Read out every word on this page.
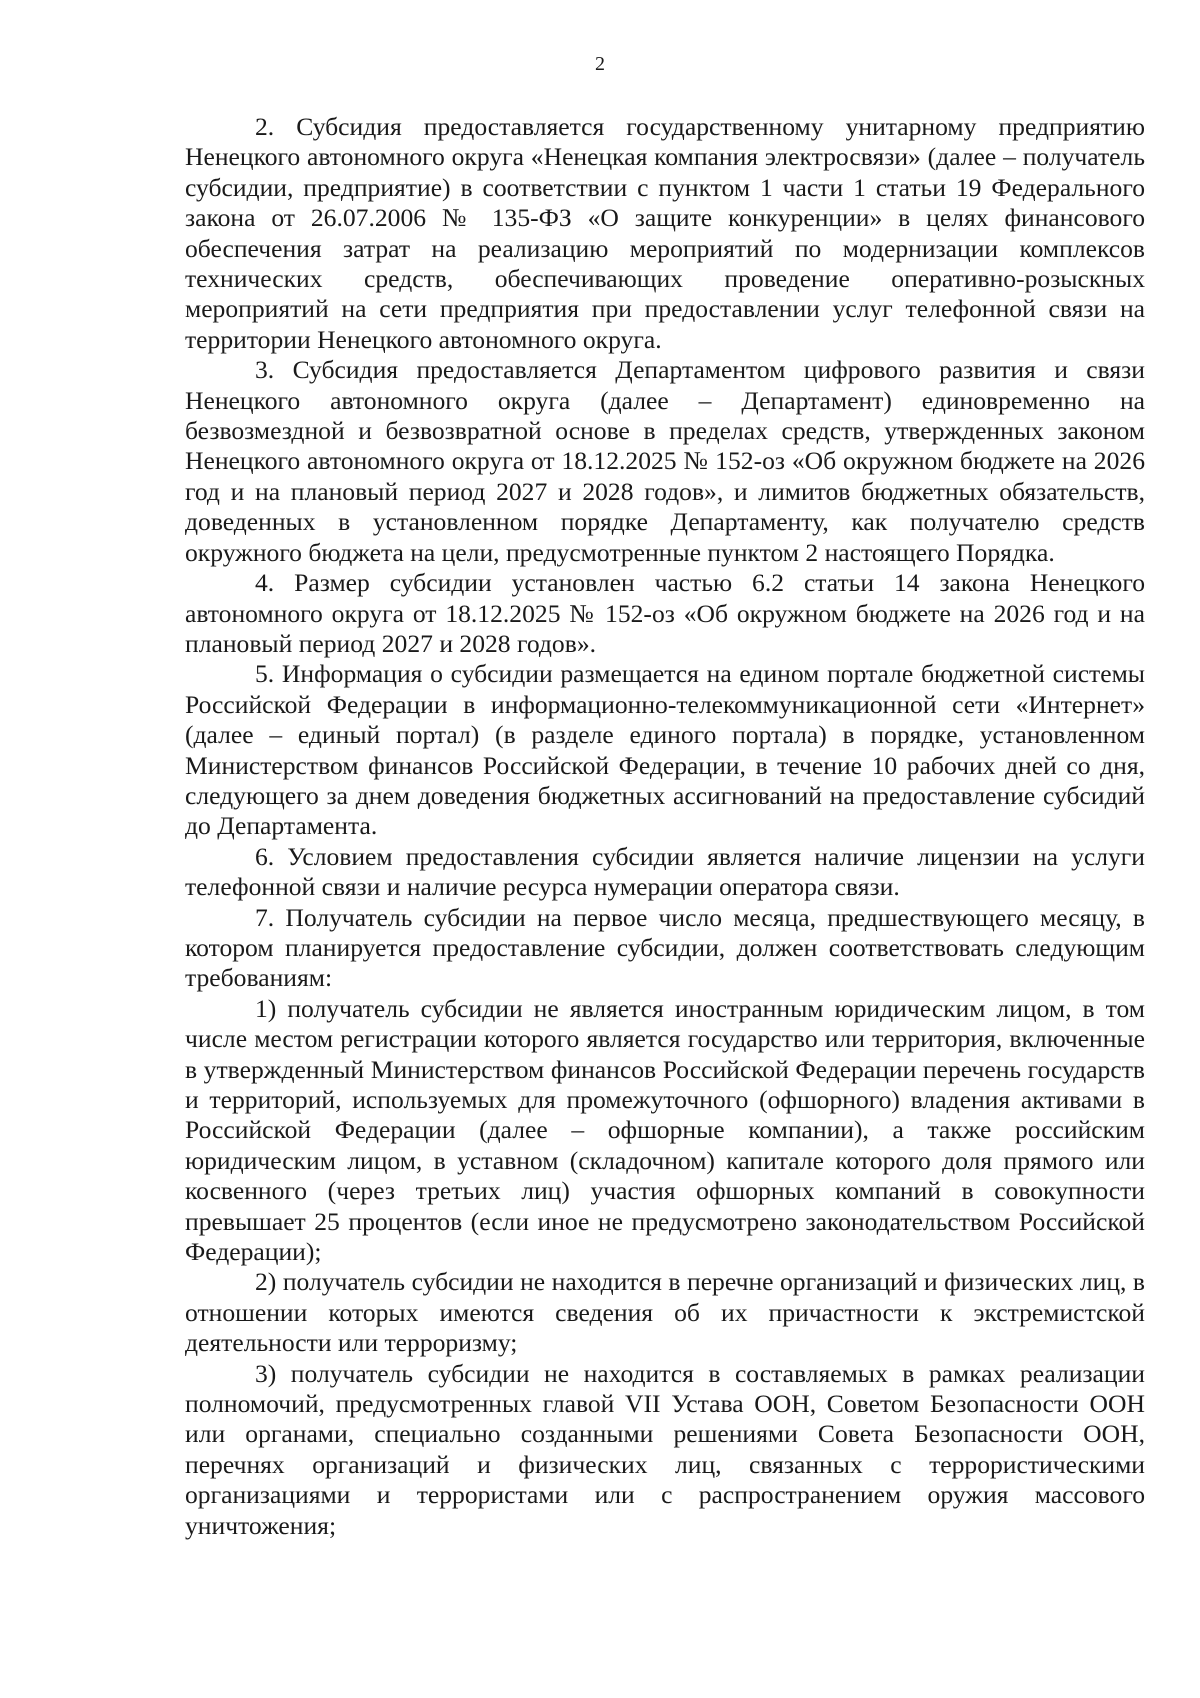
2

2. Субсидия предоставляется государственному унитарному предприятию Ненецкого автономного округа «Ненецкая компания электросвязи» (далее – получатель субсидии, предприятие) в соответствии с пунктом 1 части 1 статьи 19 Федерального закона от 26.07.2006 № 135-ФЗ «О защите конкуренции» в целях финансового обеспечения затрат на реализацию мероприятий по модернизации комплексов технических средств, обеспечивающих проведение оперативно-розыскных мероприятий на сети предприятия при предоставлении услуг телефонной связи на территории Ненецкого автономного округа.

3. Субсидия предоставляется Департаментом цифрового развития и связи Ненецкого автономного округа (далее – Департамент) единовременно на безвозмездной и безвозвратной основе в пределах средств, утвержденных законом Ненецкого автономного округа от 18.12.2025 № 152-оз «Об окружном бюджете на 2026 год и на плановый период 2027 и 2028 годов», и лимитов бюджетных обязательств, доведенных в установленном порядке Департаменту, как получателю средств окружного бюджета на цели, предусмотренные пунктом 2 настоящего Порядка.

4. Размер субсидии установлен частью 6.2 статьи 14 закона Ненецкого автономного округа от 18.12.2025 № 152-оз «Об окружном бюджете на 2026 год и на плановый период 2027 и 2028 годов».

5. Информация о субсидии размещается на едином портале бюджетной системы Российской Федерации в информационно-телекоммуникационной сети «Интернет» (далее – единый портал) (в разделе единого портала) в порядке, установленном Министерством финансов Российской Федерации, в течение 10 рабочих дней со дня, следующего за днем доведения бюджетных ассигнований на предоставление субсидий до Департамента.

6. Условием предоставления субсидии является наличие лицензии на услуги телефонной связи и наличие ресурса нумерации оператора связи.

7. Получатель субсидии на первое число месяца, предшествующего месяцу, в котором планируется предоставление субсидии, должен соответствовать следующим требованиям:

1) получатель субсидии не является иностранным юридическим лицом, в том числе местом регистрации которого является государство или территория, включенные в утвержденный Министерством финансов Российской Федерации перечень государств и территорий, используемых для промежуточного (офшорного) владения активами в Российской Федерации (далее – офшорные компании), а также российским юридическим лицом, в уставном (складочном) капитале которого доля прямого или косвенного (через третьих лиц) участия офшорных компаний в совокупности превышает 25 процентов (если иное не предусмотрено законодательством Российской Федерации);

2) получатель субсидии не находится в перечне организаций и физических лиц, в отношении которых имеются сведения об их причастности к экстремистской деятельности или терроризму;

3) получатель субсидии не находится в составляемых в рамках реализации полномочий, предусмотренных главой VII Устава ООН, Советом Безопасности ООН или органами, специально созданными решениями Совета Безопасности ООН, перечнях организаций и физических лиц, связанных с террористическими организациями и террористами или с распространением оружия массового уничтожения;
